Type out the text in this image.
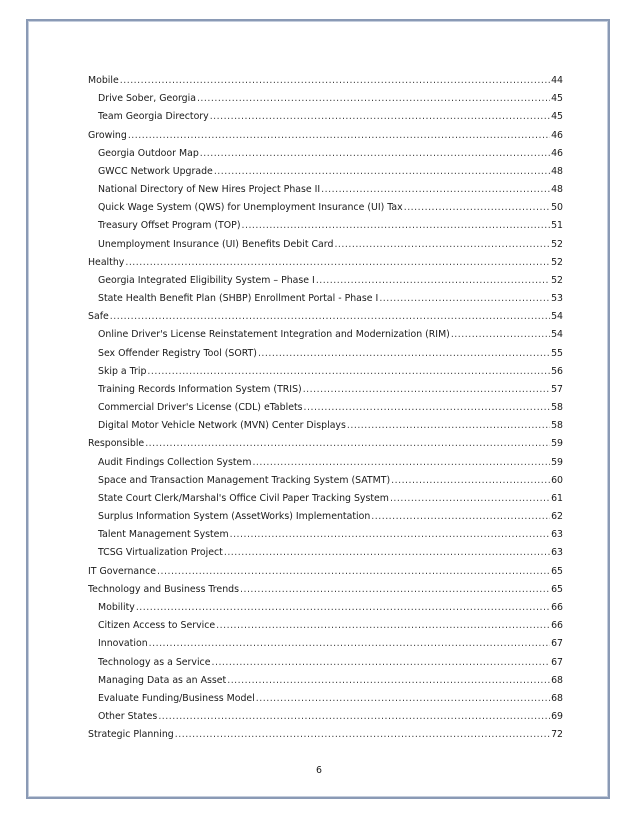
Mobile .....	44
Drive Sober, Georgia .....	45
Team Georgia Directory .....	45
Growing .....	46
Georgia Outdoor Map .....	46
GWCC Network Upgrade .....	48
National Directory of New Hires Project Phase II .....	48
Quick Wage System (QWS) for Unemployment Insurance (UI) Tax .....	50
Treasury Offset Program (TOP) .....	51
Unemployment Insurance (UI) Benefits Debit Card .....	52
Healthy .....	52
Georgia Integrated Eligibility System – Phase I .....	52
State Health Benefit Plan (SHBP) Enrollment Portal - Phase I .....	53
Safe .....	54
Online Driver's License Reinstatement Integration and Modernization (RIM) .....	54
Sex Offender Registry Tool (SORT) .....	55
Skip a Trip .....	56
Training Records Information System (TRIS) .....	57
Commercial Driver's License (CDL) eTablets .....	58
Digital Motor Vehicle Network (MVN) Center Displays .....	58
Responsible .....	59
Audit Findings Collection System .....	59
Space and Transaction Management Tracking System (SATMT) .....	60
State Court Clerk/Marshal's Office Civil Paper Tracking System .....	61
Surplus Information System (AssetWorks) Implementation .....	62
Talent Management System .....	63
TCSG Virtualization Project .....	63
IT Governance .....	65
Technology and Business Trends .....	65
Mobility .....	66
Citizen Access to Service .....	66
Innovation .....	67
Technology as a Service .....	67
Managing Data as an Asset .....	68
Evaluate Funding/Business Model .....	68
Other States .....	69
Strategic Planning .....	72
6
